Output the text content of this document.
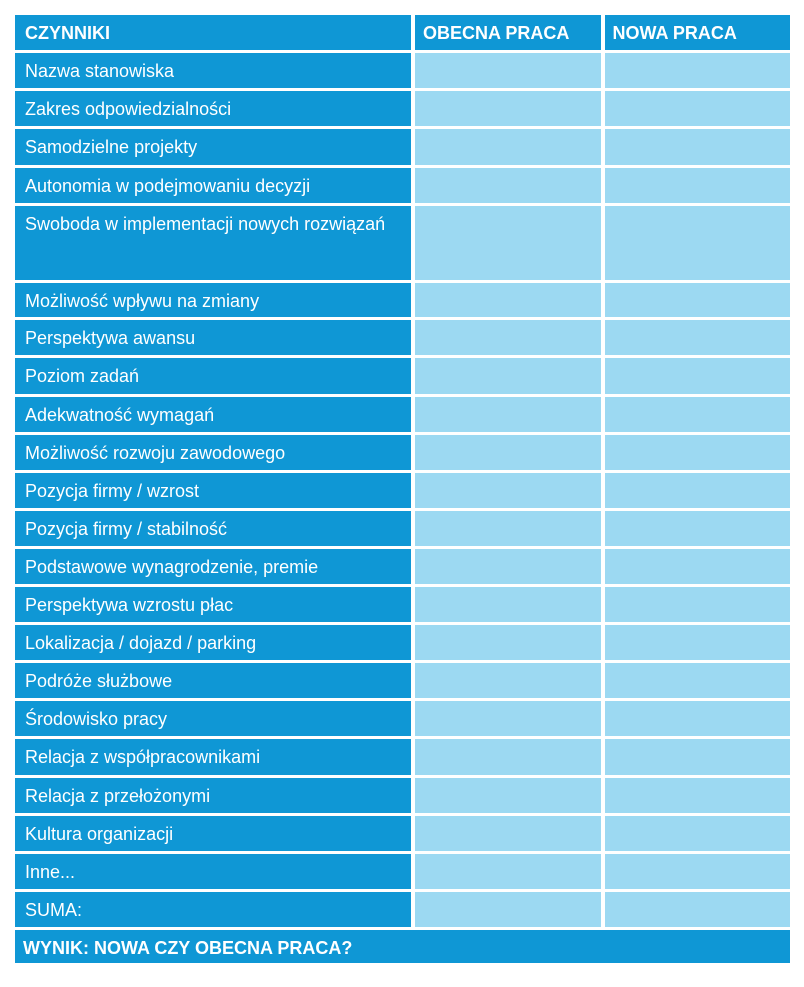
CZYNNIKI	OBECNA PRACA	NOWA PRACA
Nazwa stanowiska
Zakres odpowiedzialności
Samodzielne projekty
Autonomia w podejmowaniu decyzji
Swoboda w implementacji nowych rozwiązań
Możliwość wpływu na zmiany
Perspektywa awansu
Poziom zadań
Adekwatność wymagań
Możliwość rozwoju zawodowego
Pozycja firmy / wzrost
Pozycja firmy / stabilność
Podstawowe wynagrodzenie, premie
Perspektywa wzrostu płac
Lokalizacja / dojazd / parking
Podróże służbowe
Środowisko pracy
Relacja z współpracownikami
Relacja z przełożonymi
Kultura organizacji
Inne...
SUMA:
WYNIK: NOWA CZY OBECNA PRACA?
